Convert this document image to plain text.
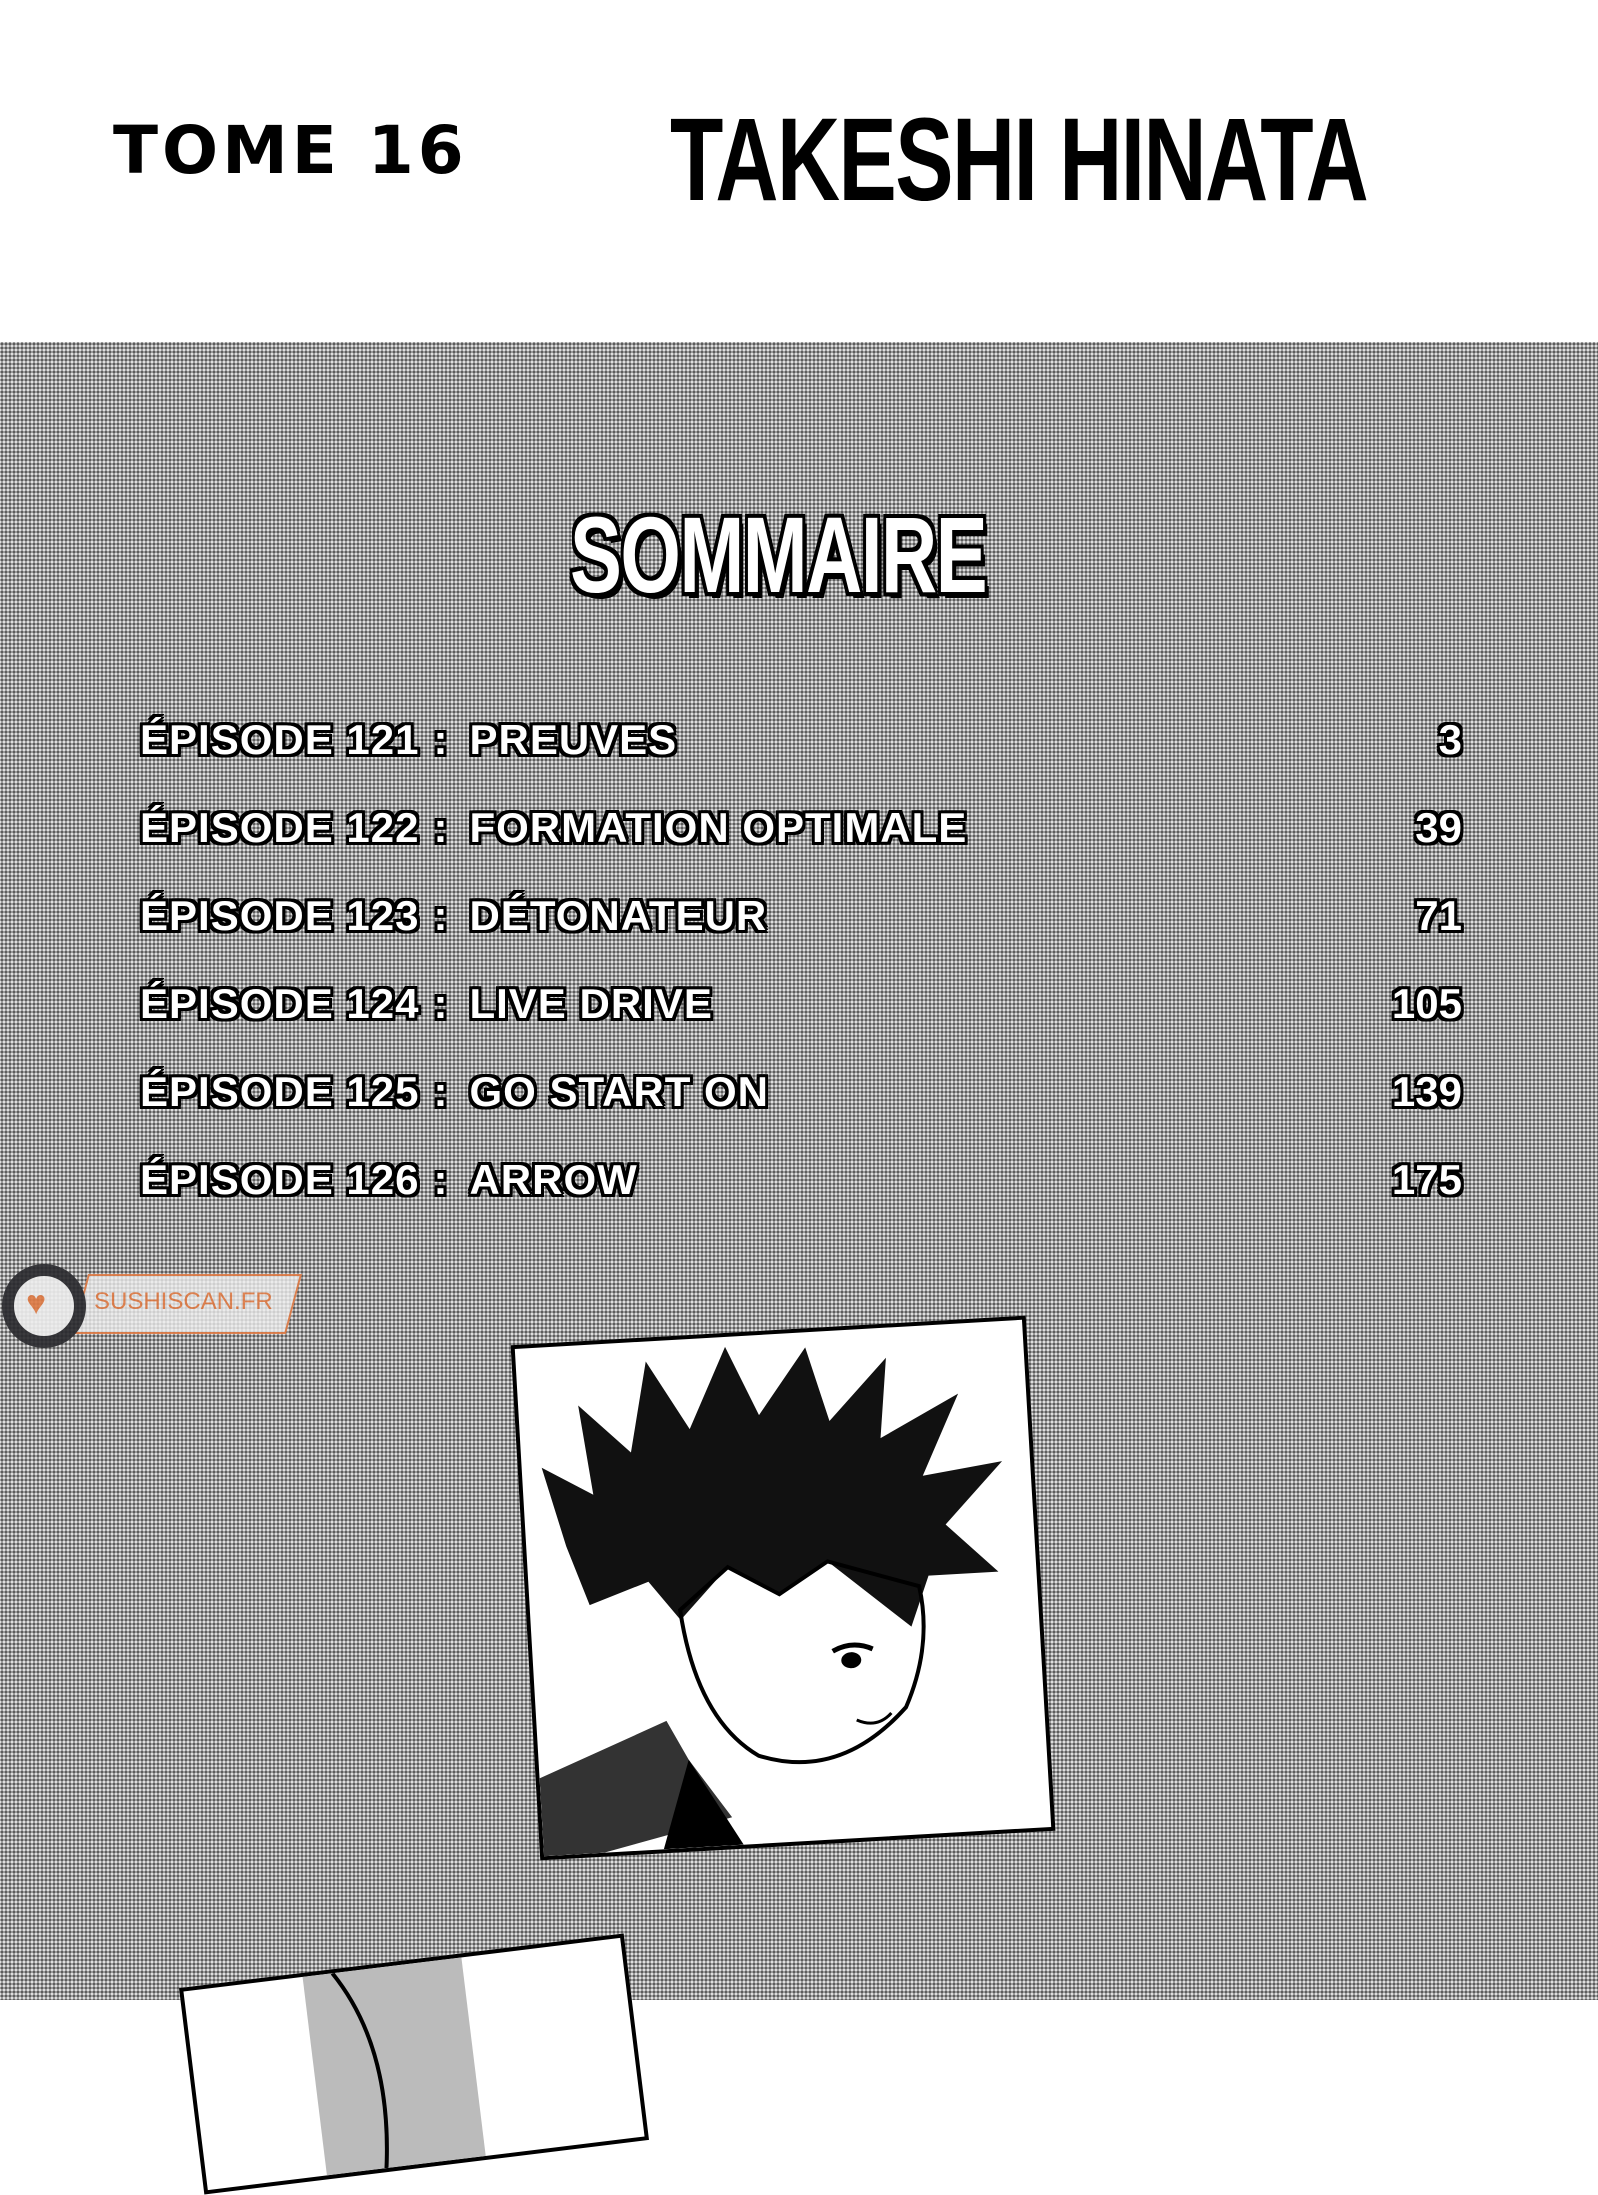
TOME 16 TAKESHI HINATA
SOMMAIRE
ÉPISODE 121 : PREUVES	3
ÉPISODE 122 : FORMATION OPTIMALE	39
ÉPISODE 123 : DÉTONATEUR	71
ÉPISODE 124 : LIVE DRIVE	105
ÉPISODE 125 : GO START ON	139
ÉPISODE 126 : ARROW	175
♥ SUSHISCAN.FR
